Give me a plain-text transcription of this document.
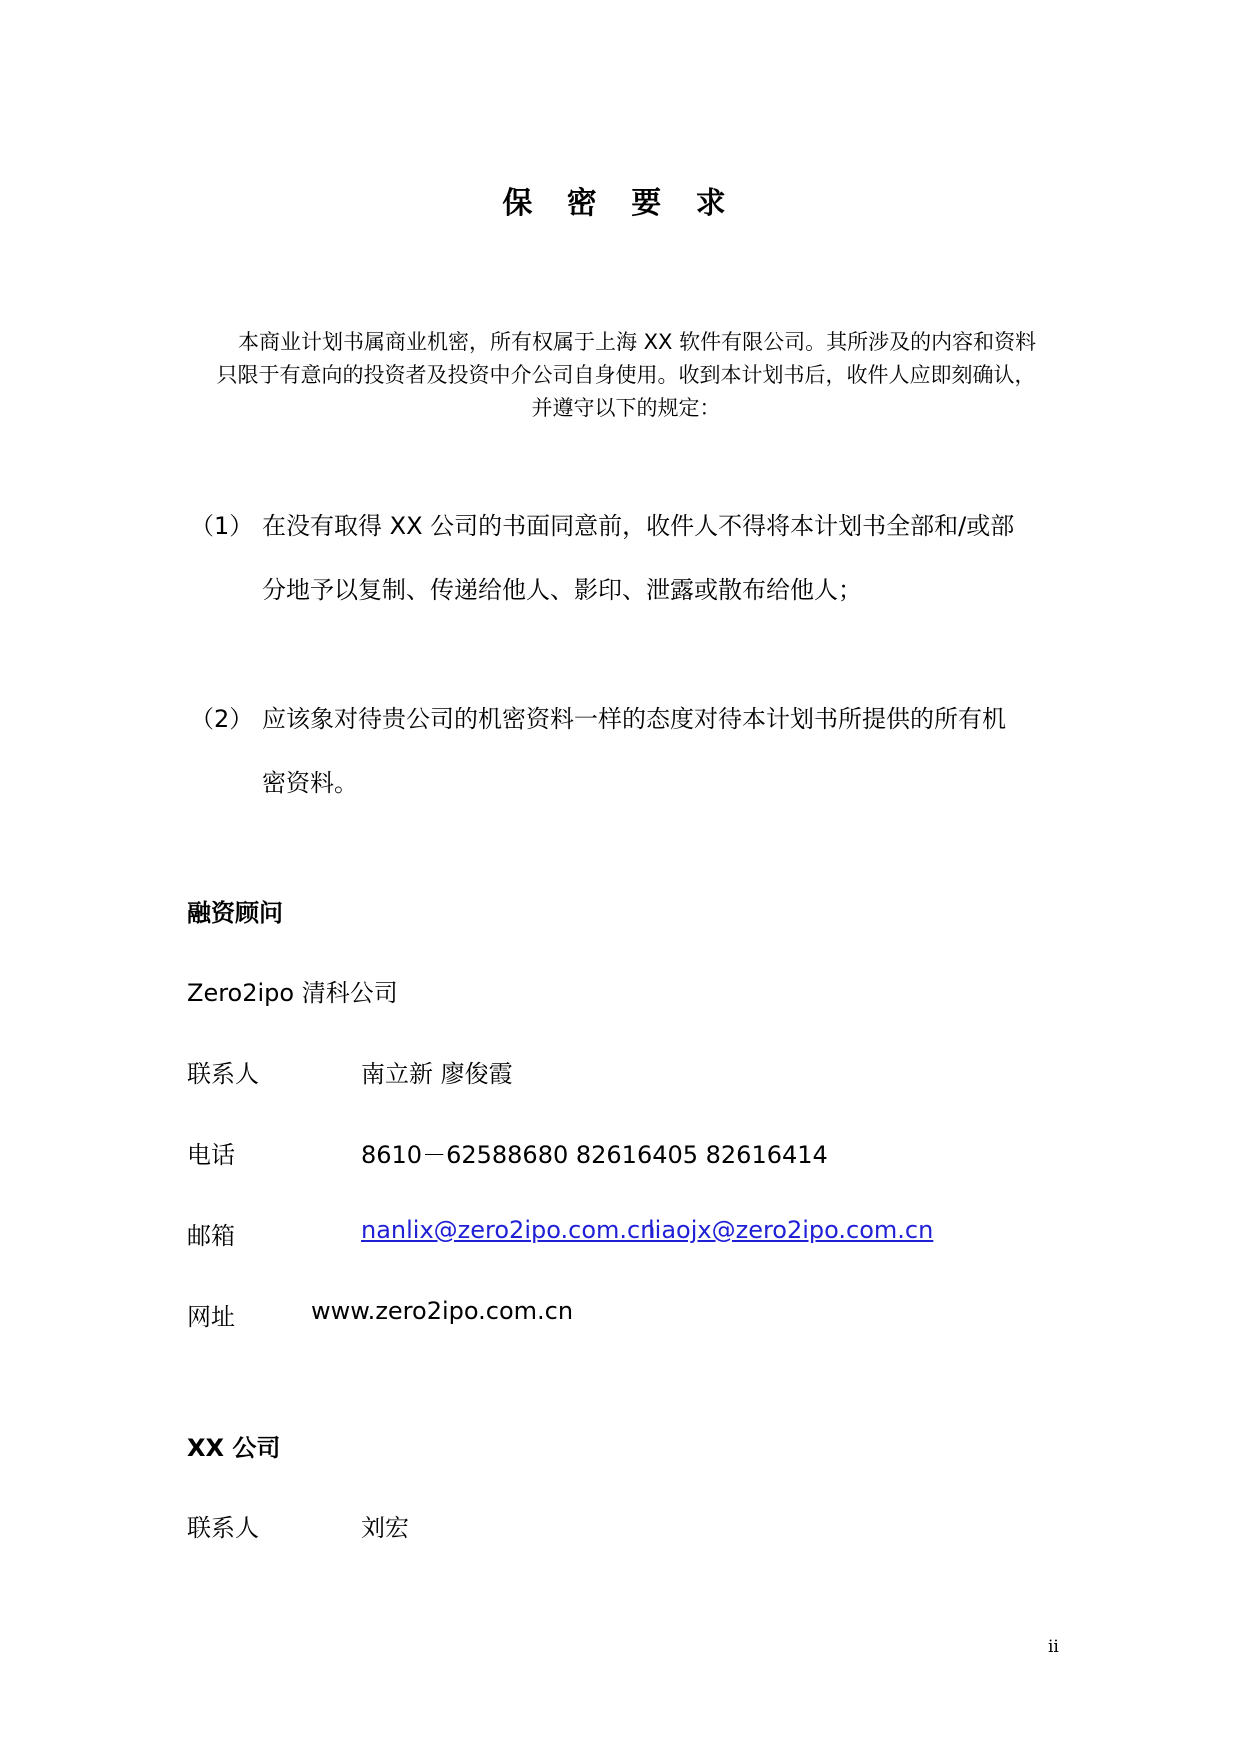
保 密 要 求
本商业计划书属商业机密，所有权属于上海 XX 软件有限公司。其所涉及的内容和资料
只限于有意向的投资者及投资中介公司自身使用。收到本计划书后，收件人应即刻确认，
并遵守以下的规定：
（1） 在没有取得 XX 公司的书面同意前，收件人不得将本计划书全部和/或部
分地予以复制、传递给他人、影印、泄露或散布给他人；
（2） 应该象对待贵公司的机密资料一样的态度对待本计划书所提供的所有机
密资料。
融资顾问
Zero2ipo 清科公司
联系人	南立新 廖俊霞
电话	8610－62588680 82616405 82616414
邮箱	nanlix@zero2ipo.com.cn
liaojx@zero2ipo.com.cn
网址	www.zero2ipo.com.cn
XX 公司
联系人	刘宏
ii
